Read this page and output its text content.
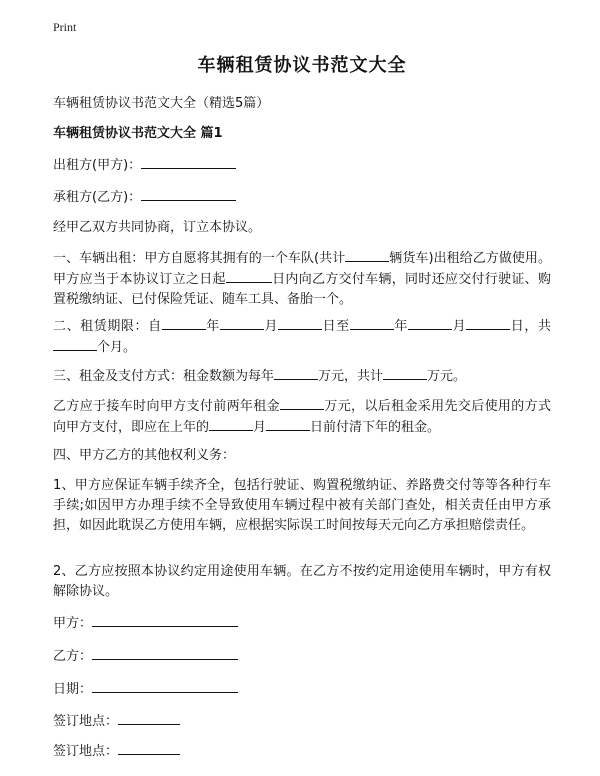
Print
车辆租赁协议书范文大全
车辆租赁协议书范文大全（精选5篇）
车辆租赁协议书范文大全 篇1
出租方(甲方)：
承租方(乙方)：
经甲乙双方共同协商，订立本协议。
一、车辆出租：甲方自愿将其拥有的一个车队(共计	辆货车)出租给乙方做使用。甲方应当于本协议订立之日起	日内向乙方交付车辆，同时还应交付行驶证、购置税缴纳证、已付保险凭证、随车工具、备胎一个。
二、租赁期限：自	年	月	日至	年	月	日，共个月。
三、租金及支付方式：租金数额为每年	万元，共计	万元。
乙方应于接车时向甲方支付前两年租金	万元，以后租金采用先交后使用的方式向甲方支付，即应在上年的	月	日前付清下年的租金。
四、甲方乙方的其他权利义务：
1、甲方应保证车辆手续齐全，包括行驶证、购置税缴纳证、养路费交付等等各种行车手续;如因甲方办理手续不全导致使用车辆过程中被有关部门查处，相关责任由甲方承担，如因此耽误乙方使用车辆，应根据实际误工时间按每天元向乙方承担赔偿责任。
2、乙方应按照本协议约定用途使用车辆。在乙方不按约定用途使用车辆时，甲方有权解除协议。
甲方：
乙方：
日期：
签订地点：
签订地点：
